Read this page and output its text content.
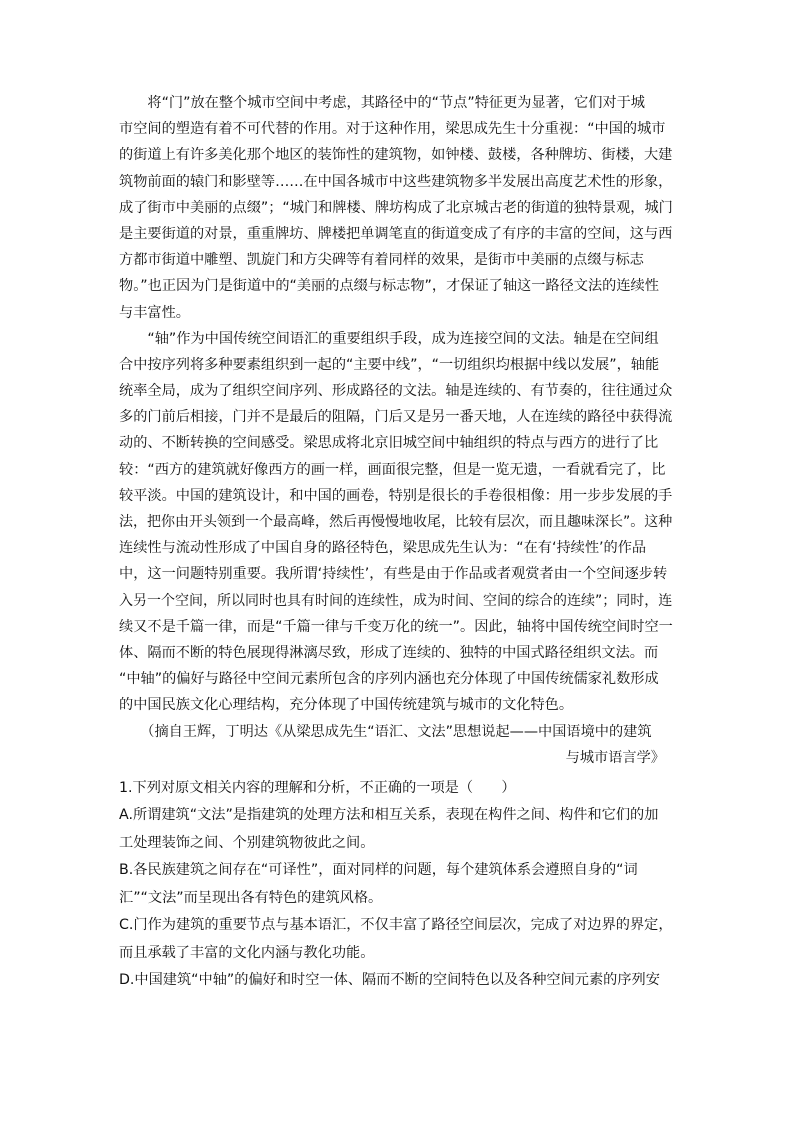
　　将“门”放在整个城市空间中考虑，其路径中的“节点”特征更为显著，它们对于城
市空间的塑造有着不可代替的作用。对于这种作用，梁思成先生十分重视：“中国的城市
的街道上有许多美化那个地区的装饰性的建筑物，如钟楼、鼓楼，各种牌坊、街楼，大建
筑物前面的辕门和影壁等……在中国各城市中这些建筑物多半发展出高度艺术性的形象，
成了街市中美丽的点缀”；“城门和牌楼、牌坊构成了北京城古老的街道的独特景观，城门
是主要街道的对景，重重牌坊、牌楼把单调笔直的街道变成了有序的丰富的空间，这与西
方都市街道中雕塑、凯旋门和方尖碑等有着同样的效果，是街市中美丽的点缀与标志
物。”也正因为门是街道中的“美丽的点缀与标志物”，才保证了轴这一路径文法的连续性
与丰富性。
　　“轴”作为中国传统空间语汇的重要组织手段，成为连接空间的文法。轴是在空间组
合中按序列将多种要素组织到一起的“主要中线”，“一切组织均根据中线以发展”，轴能
统率全局，成为了组织空间序列、形成路径的文法。轴是连续的、有节奏的，往往通过众
多的门前后相接，门并不是最后的阻隔，门后又是另一番天地，人在连续的路径中获得流
动的、不断转换的空间感受。梁思成将北京旧城空间中轴组织的特点与西方的进行了比
较：“西方的建筑就好像西方的画一样，画面很完整，但是一览无遗，一看就看完了，比
较平淡。中国的建筑设计，和中国的画卷，特别是很长的手卷很相像：用一步步发展的手
法，把你由开头领到一个最高峰，然后再慢慢地收尾，比较有层次，而且趣味深长”。这种
连续性与流动性形成了中国自身的路径特色，梁思成先生认为：“在有‘持续性’的作品
中，这一问题特别重要。我所谓‘持续性’，有些是由于作品或者观赏者由一个空间逐步转
入另一个空间，所以同时也具有时间的连续性，成为时间、空间的综合的连续”；同时，连
续又不是千篇一律，而是“千篇一律与千变万化的统一”。因此，轴将中国传统空间时空一
体、隔而不断的特色展现得淋漓尽致，形成了连续的、独特的中国式路径组织文法。而
“中轴”的偏好与路径中空间元素所包含的序列内涵也充分体现了中国传统儒家礼数形成
的中国民族文化心理结构，充分体现了中国传统建筑与城市的文化特色。
　　（摘自王辉，丁明达《从梁思成先生“语汇、文法”思想说起——中国语境中的建筑
与城市语言学》
1.下列对原文相关内容的理解和分析，不正确的一项是（　　）
A.所谓建筑“文法”是指建筑的处理方法和相互关系，表现在构件之间、构件和它们的加
工处理装饰之间、个别建筑物彼此之间。
B.各民族建筑之间存在“可译性”，面对同样的问题，每个建筑体系会遵照自身的“词
汇”“文法”而呈现出各有特色的建筑风格。
C.门作为建筑的重要节点与基本语汇，不仅丰富了路径空间层次，完成了对边界的界定，
而且承载了丰富的文化内涵与教化功能。
D.中国建筑“中轴”的偏好和时空一体、隔而不断的空间特色以及各种空间元素的序列安
